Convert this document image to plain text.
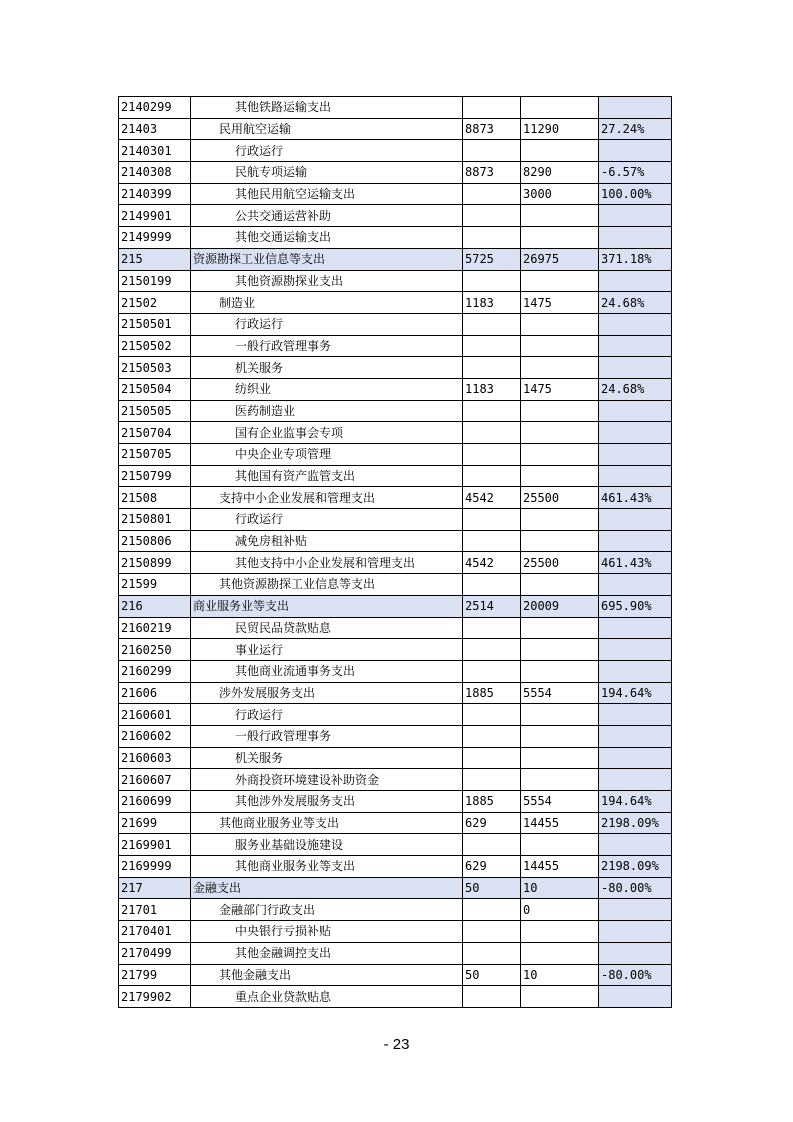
2140299	其他铁路运输支出			
21403	民用航空运输	8873	11290	27.24%
2140301	行政运行			
2140308	民航专项运输	8873	8290	-6.57%
2140399	其他民用航空运输支出		3000	100.00%
2149901	公共交通运营补助			
2149999	其他交通运输支出			
215	资源勘探工业信息等支出	5725	26975	371.18%
2150199	其他资源勘探业支出			
21502	制造业	1183	1475	24.68%
2150501	行政运行			
2150502	一般行政管理事务			
2150503	机关服务			
2150504	纺织业	1183	1475	24.68%
2150505	医药制造业			
2150704	国有企业监事会专项			
2150705	中央企业专项管理			
2150799	其他国有资产监管支出			
21508	支持中小企业发展和管理支出	4542	25500	461.43%
2150801	行政运行			
2150806	减免房租补贴			
2150899	其他支持中小企业发展和管理支出	4542	25500	461.43%
21599	其他资源勘探工业信息等支出			
216	商业服务业等支出	2514	20009	695.90%
2160219	民贸民品贷款贴息			
2160250	事业运行			
2160299	其他商业流通事务支出			
21606	涉外发展服务支出	1885	5554	194.64%
2160601	行政运行			
2160602	一般行政管理事务			
2160603	机关服务			
2160607	外商投资环境建设补助资金			
2160699	其他涉外发展服务支出	1885	5554	194.64%
21699	其他商业服务业等支出	629	14455	2198.09%
2169901	服务业基础设施建设			
2169999	其他商业服务业等支出	629	14455	2198.09%
217	金融支出	50	10	-80.00%
21701	金融部门行政支出		0	
2170401	中央银行亏损补贴			
2170499	其他金融调控支出			
21799	其他金融支出	50	10	-80.00%
2179902	重点企业贷款贴息			
- 23
